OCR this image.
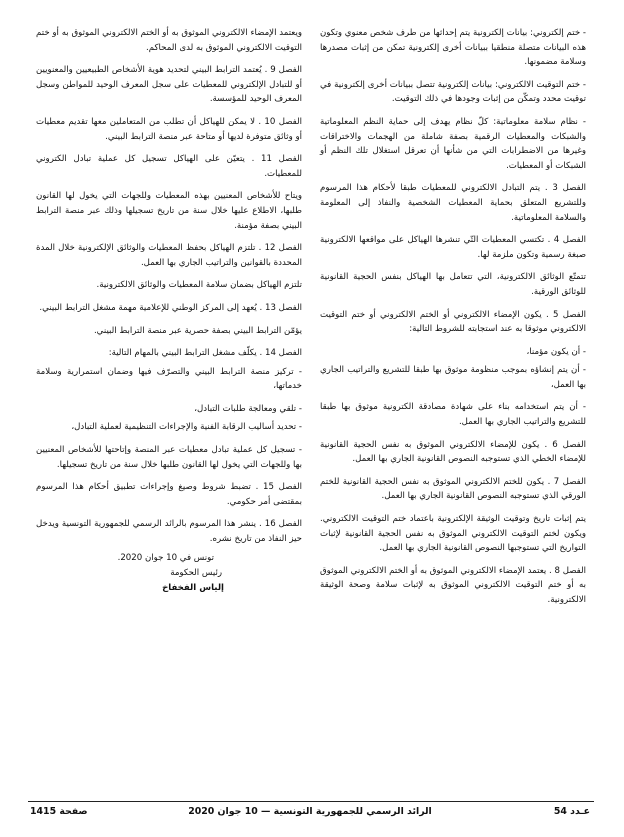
- ختم إلكتروني: بيانات إلكترونية يتم إحداثها من طرف شخص معنوي وتكون هذه البيانات متصلة منطقيا ببيانات أخرى إلكترونية تمكن من إثبات مصدرها وسلامة مضمونها.

- ختم التوقيت الالكتروني: بيانات إلكترونية تتصل ببيانات أخرى إلكترونية في توقيت محدد وتمكّن من إثبات وجودها في ذلك التوقيت.

- نظام سلامة معلوماتية: كلّ نظام يهدف إلى حماية النظم المعلوماتية والشبكات والمعطيات الرقمية بصفة شاملة من الهجمات والاختراقات وغيرها من الاضطرابات التي من شأنها أن تعرقل استغلال تلك النظم أو الشبكات أو المعطيات.

الفصل 3 . يتم التبادل الالكتروني للمعطيات طبقا لأحكام هذا المرسوم وللتشريع المتعلق بحماية المعطيات الشخصية والنفاذ إلى المعلومة والسلامة المعلوماتية.

الفصل 4 . تكتسي المعطيات التّي تنشرها الهياكل على مواقعها الالكترونية صبغة رسمية وتكون ملزمة لها.

تتمتّع الوثائق الالكترونية، التي تتعامل بها الهياكل بنفس الحجية القانونية للوثائق الورقية.

الفصل 5 . يكون الإمضاء الالكتروني أو الختم الالكتروني أو ختم التوقيت الالكتروني موثوقا به عند استجابته للشروط التالية:

- أن يكون مؤمنا،

- أن يتم إنشاؤه بموجب منظومة موثوق بها طبقا للتشريع والتراتيب الجاري بها العمل،

- أن يتم استخدامه بناء على شهادة مصادقة الكترونية موثوق بها طبقا للتشريع والتراتيب الجاري بها العمل.

الفصل 6 . يكون للإمضاء الالكتروني الموثوق به نفس الحجية القانونية للإمضاء الخطي الذي تستوجبه النصوص القانونية الجاري بها العمل.

الفصل 7 . يكون للختم الالكتروني الموثوق به نفس الحجية القانونية للختم الورقي الذي تستوجبه النصوص القانونية الجاري بها العمل.

يتم إثبات تاريخ وتوقيت الوثيقة الإلكترونية باعتماد ختم التوقيت الالكتروني. ويكون لختم التوقيت الالكتروني الموثوق به نفس الحجية القانونية لإثبات التواريخ التي تستوجبها النصوص القانونية الجاري بها العمل.

الفصل 8 . يعتمد الإمضاء الالكتروني الموثوق به أو الختم الالكتروني الموثوق به أو ختم التوقيت الالكتروني الموثوق به لإثبات سلامة وصحة الوثيقة الالكترونية.

ويعتمد الإمضاء الالكتروني الموثوق به أو الختم الالكتروني الموثوق به أو ختم التوقيت الالكتروني الموثوق به لدى المحاكم.

الفصل 9 . يُعتمد الترابط البيني لتحديد هوية الأشخاص الطبيعيين والمعنويين أو للتبادل الإلكتروني للمعطيات على سجل المعرف الوحيد للمواطن وسجل المعرف الوحيد للمؤسسة.

الفصل 10 . لا يمكن للهياكل أن تطلب من المتعاملين معها تقديم معطيات أو وثائق متوفرة لديها أو متاحة عبر منصة الترابط البيني.

الفصل 11 . يتعيّن على الهياكل تسجيل كل عملية تبادل الكتروني للمعطيات.

ويتاح للأشخاص المعنيين بهذه المعطيات وللجهات التي يخول لها القانون طلبها، الاطلاع عليها خلال سنة من تاريخ تسجيلها وذلك عبر منصة الترابط البيني بصفة مؤمنة.

الفصل 12 . تلتزم الهياكل بحفظ المعطيات والوثائق الإلكترونية خلال المدة المحددة بالقوانين والتراتيب الجاري بها العمل.

تلتزم الهياكل بضمان سلامة المعطيات والوثائق الالكترونية.

الفصل 13 . يُعهد إلى المركز الوطني للإعلامية مهمة مشغل الترابط البيني.

يؤمّن الترابط البيني بصفة حصرية عبر منصة الترابط البيني.

الفصل 14 . يكلّف مشغل الترابط البيني بالمهام التالية:

- تركيز منصة الترابط البيني والتصرّف فيها وضمان استمرارية وسلامة خدماتها،

- تلقي ومعالجة طلبات التبادل،

- تحديد أساليب الرقابة الفنية والإجراءات التنظيمية لعملية التبادل،

- تسجيل كل عملية تبادل معطيات عبر المنصة وإتاحتها للأشخاص المعنيين بها وللجهات التي يخول لها القانون طلبها خلال سنة من تاريخ تسجيلها.

الفصل 15 . تضبط شروط وصيغ وإجراءات تطبيق أحكام هذا المرسوم بمقتضى أمر حكومي.

الفصل 16 . ينشر هذا المرسوم بالرائد الرسمي للجمهورية التونسية ويدخل حيز النفاذ من تاريخ نشره.

تونس في 10 جوان 2020.

رئيس الحكومة

إلياس الفخفاخ

عـدد 54
الرائد الرسمي للجمهورية التونسية — 10 جوان 2020
صفحة 1415
